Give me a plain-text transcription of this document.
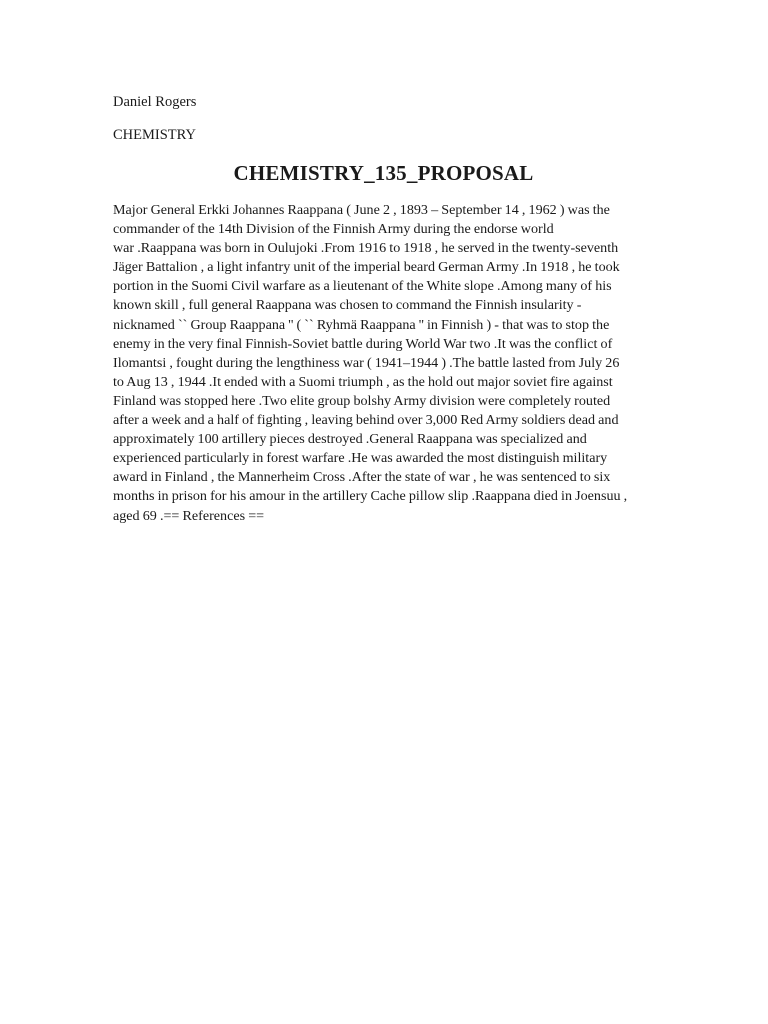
Daniel Rogers
CHEMISTRY
CHEMISTRY_135_PROPOSAL
Major General Erkki Johannes Raappana ( June 2 , 1893 – September 14 , 1962 ) was the
commander of the 14th Division of the Finnish Army during the endorse world
war .Raappana was born in Oulujoki .From 1916 to 1918 , he served in the twenty-seventh
Jäger Battalion , a light infantry unit of the imperial beard German Army .In 1918 , he took
portion in the Suomi Civil warfare as a lieutenant of the White slope .Among many of his
known skill , full general Raappana was chosen to command the Finnish insularity -
nicknamed `` Group Raappana '' ( `` Ryhmä Raappana '' in Finnish ) - that was to stop the
enemy in the very final Finnish-Soviet battle during World War two .It was the conflict of
Ilomantsi , fought during the lengthiness war ( 1941–1944 ) .The battle lasted from July 26
to Aug 13 , 1944 .It ended with a Suomi triumph , as the hold out major soviet fire against
Finland was stopped here .Two elite group bolshy Army division were completely routed
after a week and a half of fighting , leaving behind over 3,000 Red Army soldiers dead and
approximately 100 artillery pieces destroyed .General Raappana was specialized and
experienced particularly in forest warfare .He was awarded the most distinguish military
award in Finland , the Mannerheim Cross .After the state of war , he was sentenced to six
months in prison for his amour in the artillery Cache pillow slip .Raappana died in Joensuu ,
aged 69 .== References ==
